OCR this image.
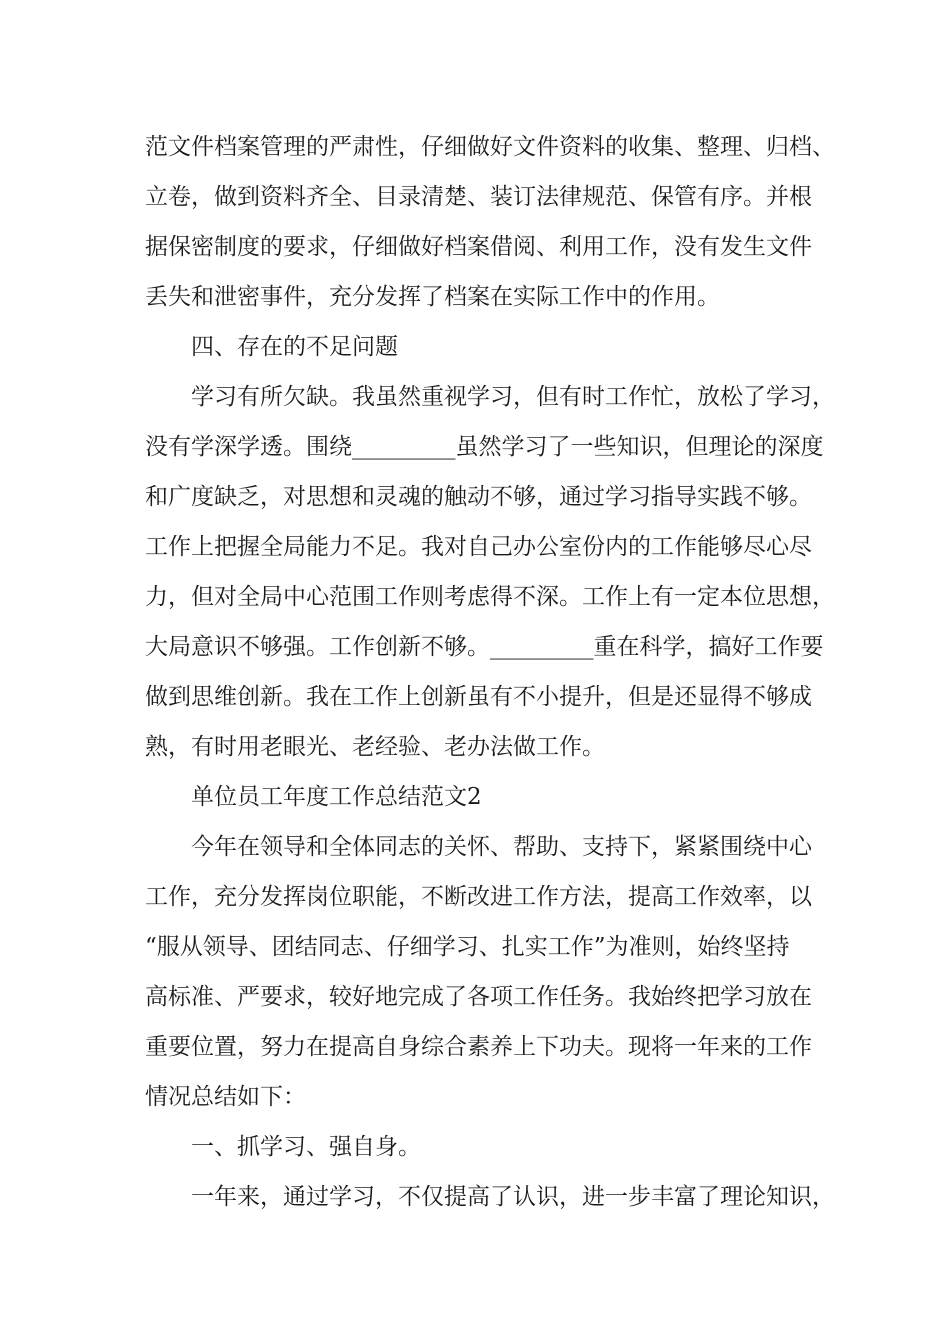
范文件档案管理的严肃性，仔细做好文件资料的收集、整理、归档、
立卷，做到资料齐全、目录清楚、装订法律规范、保管有序。并根
据保密制度的要求，仔细做好档案借阅、利用工作，没有发生文件
丢失和泄密事件，充分发挥了档案在实际工作中的作用。
四、存在的不足问题
学习有所欠缺。我虽然重视学习，但有时工作忙，放松了学习，
没有学深学透。围绕_________虽然学习了一些知识，但理论的深度
和广度缺乏，对思想和灵魂的触动不够，通过学习指导实践不够。
工作上把握全局能力不足。我对自己办公室份内的工作能够尽心尽
力，但对全局中心范围工作则考虑得不深。工作上有一定本位思想，
大局意识不够强。工作创新不够。_________重在科学，搞好工作要
做到思维创新。我在工作上创新虽有不小提升，但是还显得不够成
熟，有时用老眼光、老经验、老办法做工作。
单位员工年度工作总结范文2
今年在领导和全体同志的关怀、帮助、支持下，紧紧围绕中心
工作，充分发挥岗位职能，不断改进工作方法，提高工作效率，以
“服从领导、团结同志、仔细学习、扎实工作”为准则，始终坚持
高标准、严要求，较好地完成了各项工作任务。我始终把学习放在
重要位置，努力在提高自身综合素养上下功夫。现将一年来的工作
情况总结如下：
一、抓学习、强自身。
一年来，通过学习，不仅提高了认识，进一步丰富了理论知识，
